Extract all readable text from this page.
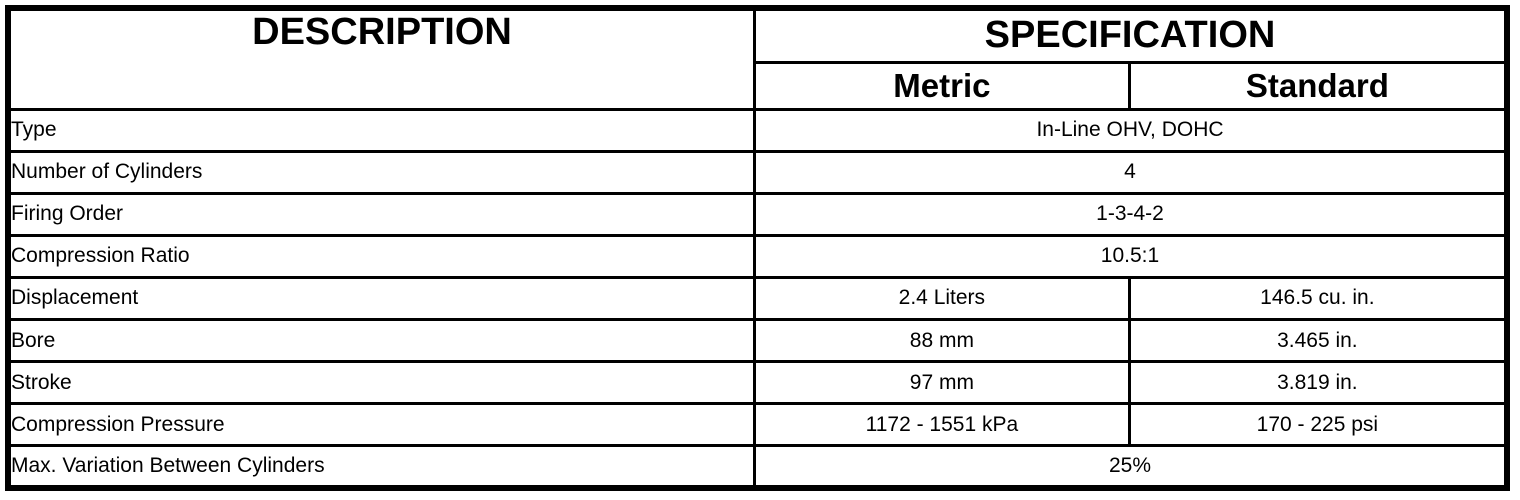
DESCRIPTION	SPECIFICATION	
	Metric	Standard
Type	In-Line OHV, DOHC	
Number of Cylinders	4	
Firing Order	1-3-4-2	
Compression Ratio	10.5:1	
Displacement	2.4 Liters	146.5 cu. in.
Bore	88 mm	3.465 in.
Stroke	97 mm	3.819 in.
Compression Pressure	1172 - 1551 kPa	170 - 225 psi
Max. Variation Between Cylinders	25%	
